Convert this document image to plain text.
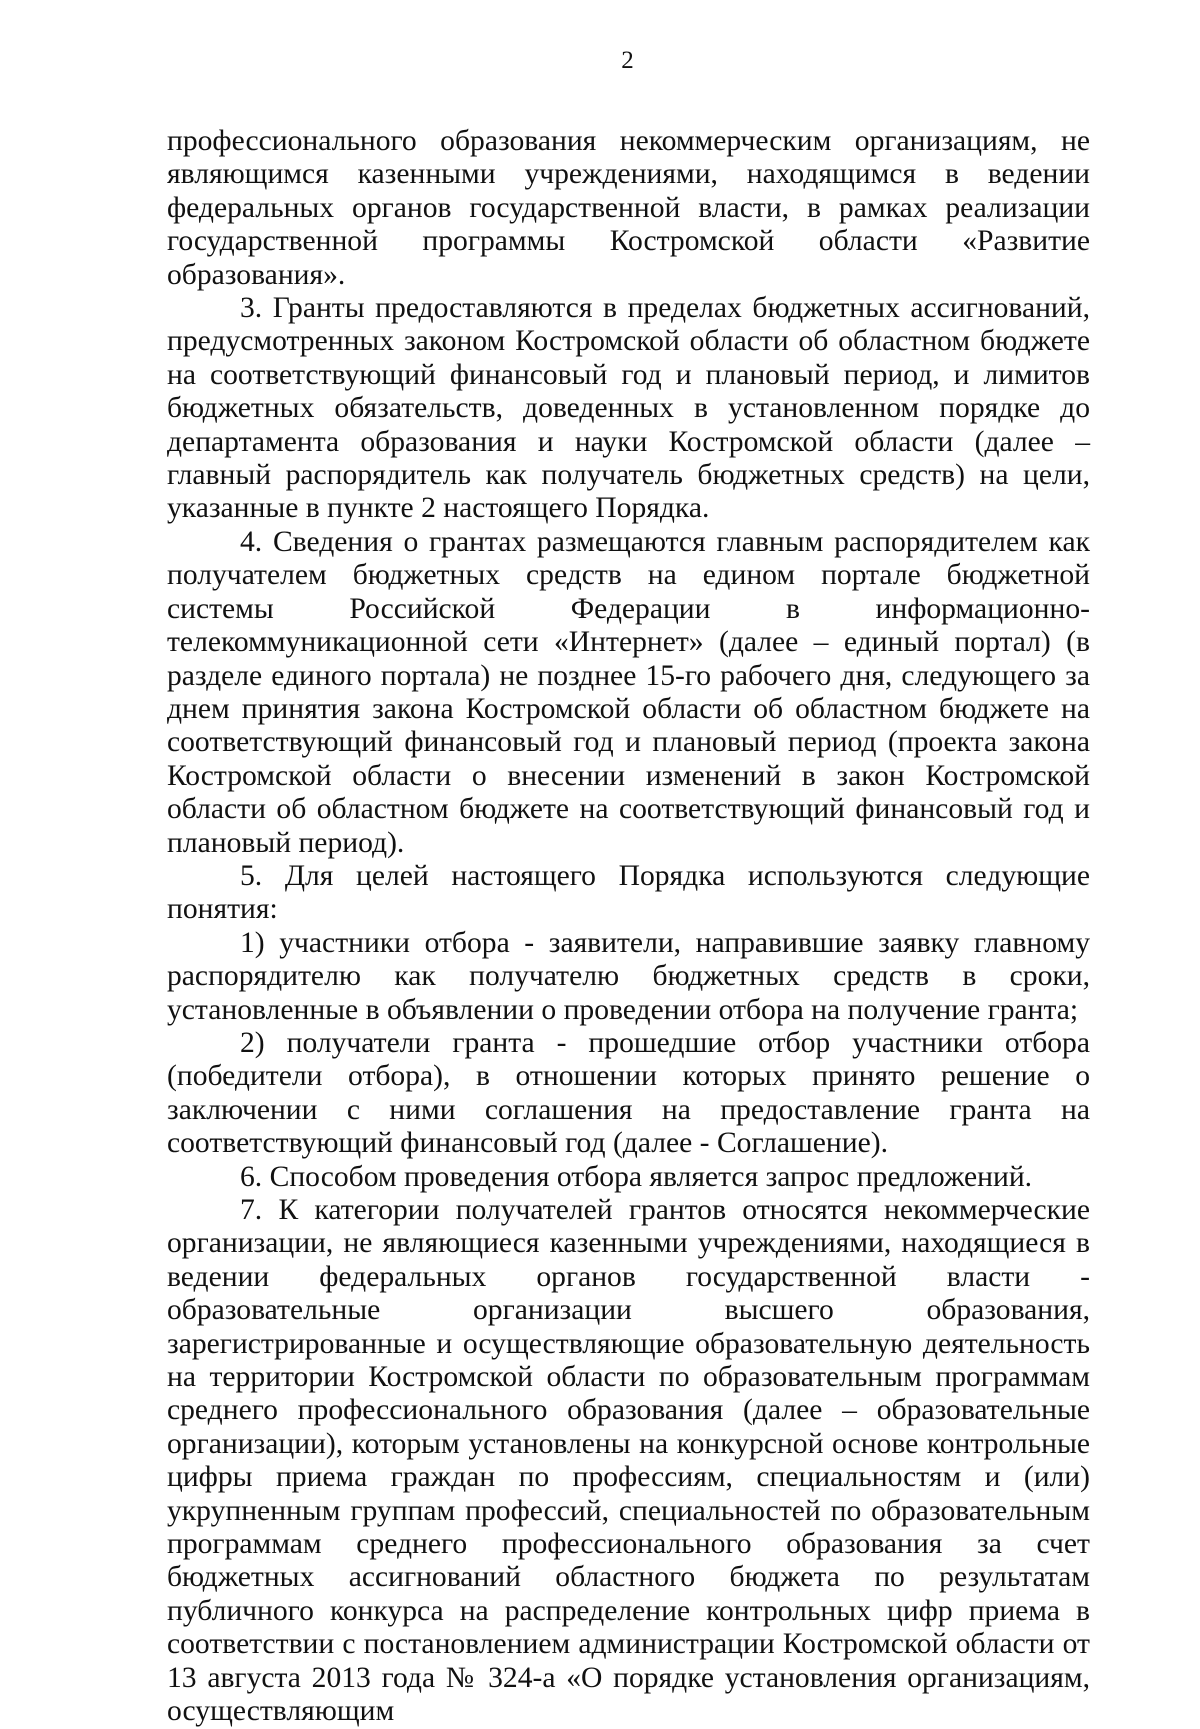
2

профессионального образования некоммерческим организациям, не являющимся казенными учреждениями, находящимся в ведении федеральных органов государственной власти, в рамках реализации государственной программы Костромской области «Развитие образования».

3. Гранты предоставляются в пределах бюджетных ассигнований, предусмотренных законом Костромской области об областном бюджете на соответствующий финансовый год и плановый период, и лимитов бюджетных обязательств, доведенных в установленном порядке до департамента образования и науки Костромской области (далее – главный распорядитель как получатель бюджетных средств) на цели, указанные в пункте 2 настоящего Порядка.

4. Сведения о грантах размещаются главным распорядителем как получателем бюджетных средств на едином портале бюджетной системы Российской Федерации в информационно-телекоммуникационной сети «Интернет» (далее – единый портал) (в разделе единого портала) не позднее 15-го рабочего дня, следующего за днем принятия закона Костромской области об областном бюджете на соответствующий финансовый год и плановый период (проекта закона Костромской области о внесении изменений в закон Костромской области об областном бюджете на соответствующий финансовый год и плановый период).

5. Для целей настоящего Порядка используются следующие понятия:

1) участники отбора - заявители, направившие заявку главному распорядителю как получателю бюджетных средств в сроки, установленные в объявлении о проведении отбора на получение гранта;

2) получатели гранта - прошедшие отбор участники отбора (победители отбора), в отношении которых принято решение о заключении с ними соглашения на предоставление гранта на соответствующий финансовый год (далее - Соглашение).

6. Способом проведения отбора является запрос предложений.

7. К категории получателей грантов относятся некоммерческие организации, не являющиеся казенными учреждениями, находящиеся в ведении федеральных органов государственной власти - образовательные организации высшего образования, зарегистрированные и осуществляющие образовательную деятельность на территории Костромской области по образовательным программам среднего профессионального образования (далее – образовательные организации), которым установлены на конкурсной основе контрольные цифры приема граждан по профессиям, специальностям и (или) укрупненным группам профессий, специальностей по образовательным программам среднего профессионального образования за счет бюджетных ассигнований областного бюджета по результатам публичного конкурса на распределение контрольных цифр приема в соответствии с постановлением администрации Костромской области от 13 августа 2013 года № 324-а «О порядке установления организациям, осуществляющим
